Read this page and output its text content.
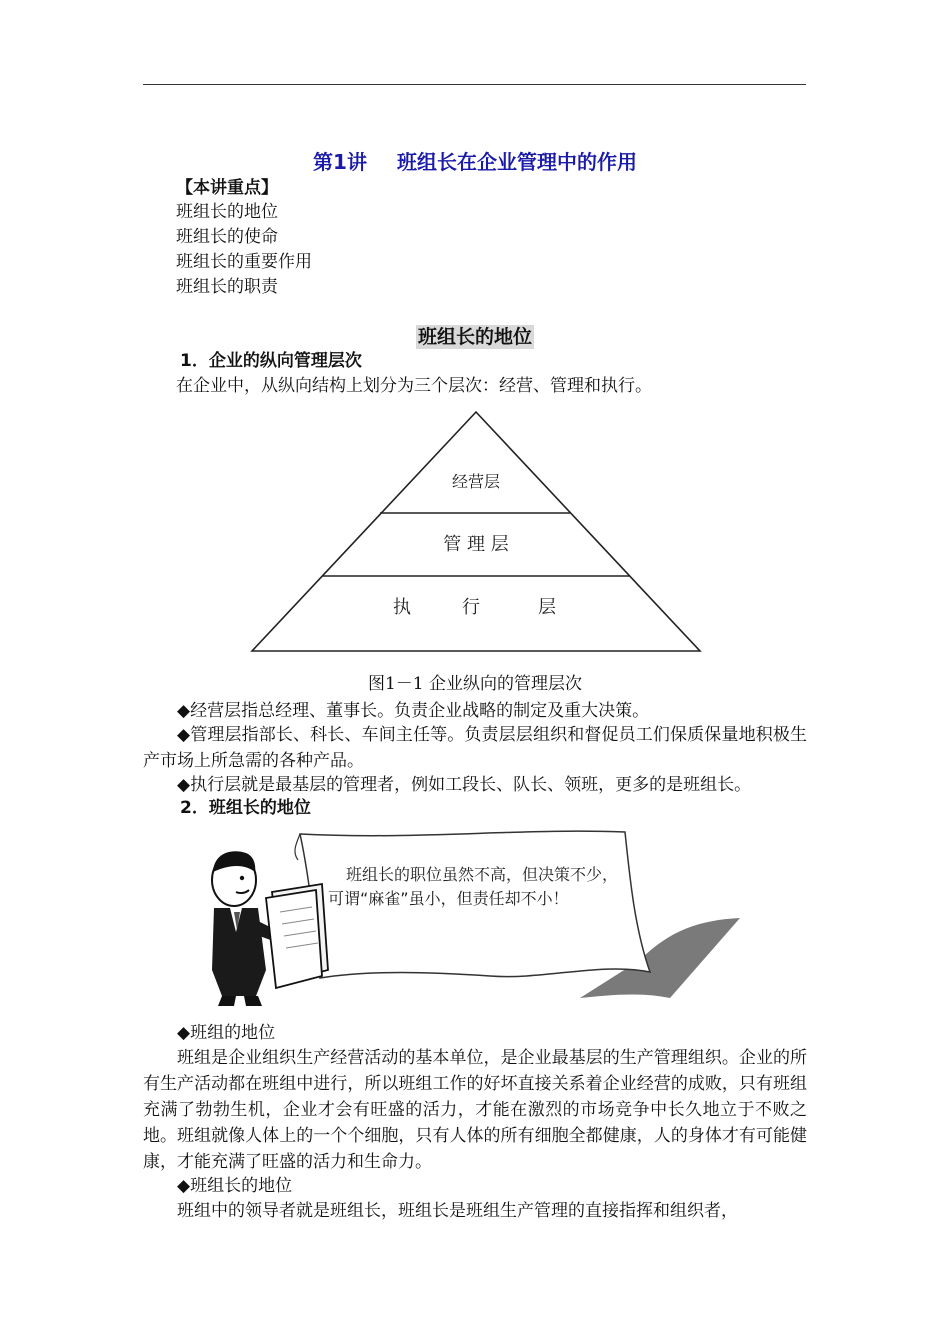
第1讲 班组长在企业管理中的作用
【本讲重点】
班组长的地位
班组长的使命
班组长的重要作用
班组长的职责
班组长的地位
1．企业的纵向管理层次
在企业中，从纵向结构上划分为三个层次：经营、管理和执行。
经营层
管 理 层
执	行	层
图1－1 企业纵向的管理层次
◆经营层指总经理、董事长。负责企业战略的制定及重大决策。
◆管理层指部长、科长、车间主任等。负责层层组织和督促员工们保质保量地积极生产市场上所急需的各种产品。
◆执行层就是最基层的管理者，例如工段长、队长、领班，更多的是班组长。
2．班组长的地位
班组长的职位虽然不高，但决策不少，
可谓“麻雀”虽小，但责任却不小！
◆班组的地位
班组是企业组织生产经营活动的基本单位，是企业最基层的生产管理组织。企业的所有生产活动都在班组中进行，所以班组工作的好坏直接关系着企业经营的成败，只有班组充满了勃勃生机，企业才会有旺盛的活力，才能在激烈的市场竞争中长久地立于不败之地。班组就像人体上的一个个细胞，只有人体的所有细胞全都健康，人的身体才有可能健康，才能充满了旺盛的活力和生命力。
◆班组长的地位
班组中的领导者就是班组长，班组长是班组生产管理的直接指挥和组织者，
